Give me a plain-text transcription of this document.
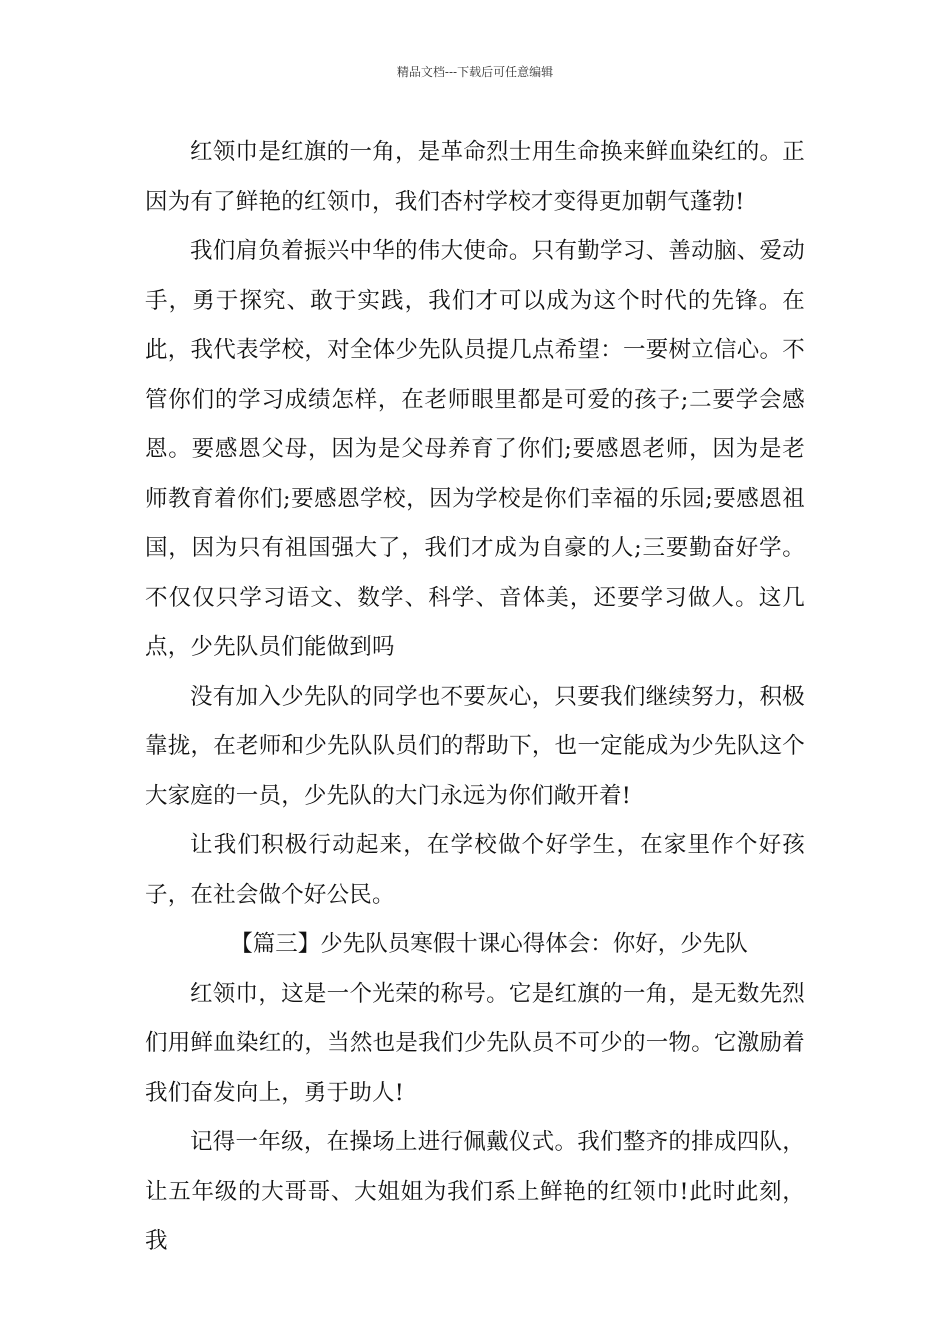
精品文档---下载后可任意编辑

红领巾是红旗的一角，是革命烈士用生命换来鲜血染红的。正因为有了鲜艳的红领巾，我们杏村学校才变得更加朝气蓬勃!

我们肩负着振兴中华的伟大使命。只有勤学习、善动脑、爱动手，勇于探究、敢于实践，我们才可以成为这个时代的先锋。在此，我代表学校，对全体少先队员提几点希望：一要树立信心。不管你们的学习成绩怎样，在老师眼里都是可爱的孩子;二要学会感恩。要感恩父母，因为是父母养育了你们;要感恩老师，因为是老师教育着你们;要感恩学校，因为学校是你们幸福的乐园;要感恩祖国，因为只有祖国强大了，我们才成为自豪的人;三要勤奋好学。不仅仅只学习语文、数学、科学、音体美，还要学习做人。这几点，少先队员们能做到吗

没有加入少先队的同学也不要灰心，只要我们继续努力，积极靠拢，在老师和少先队队员们的帮助下，也一定能成为少先队这个大家庭的一员，少先队的大门永远为你们敞开着!

让我们积极行动起来，在学校做个好学生，在家里作个好孩子，在社会做个好公民。

【篇三】少先队员寒假十课心得体会：你好，少先队

红领巾，这是一个光荣的称号。它是红旗的一角，是无数先烈们用鲜血染红的，当然也是我们少先队员不可少的一物。它激励着我们奋发向上，勇于助人!

记得一年级，在操场上进行佩戴仪式。我们整齐的排成四队，让五年级的大哥哥、大姐姐为我们系上鲜艳的红领巾!此时此刻，我
